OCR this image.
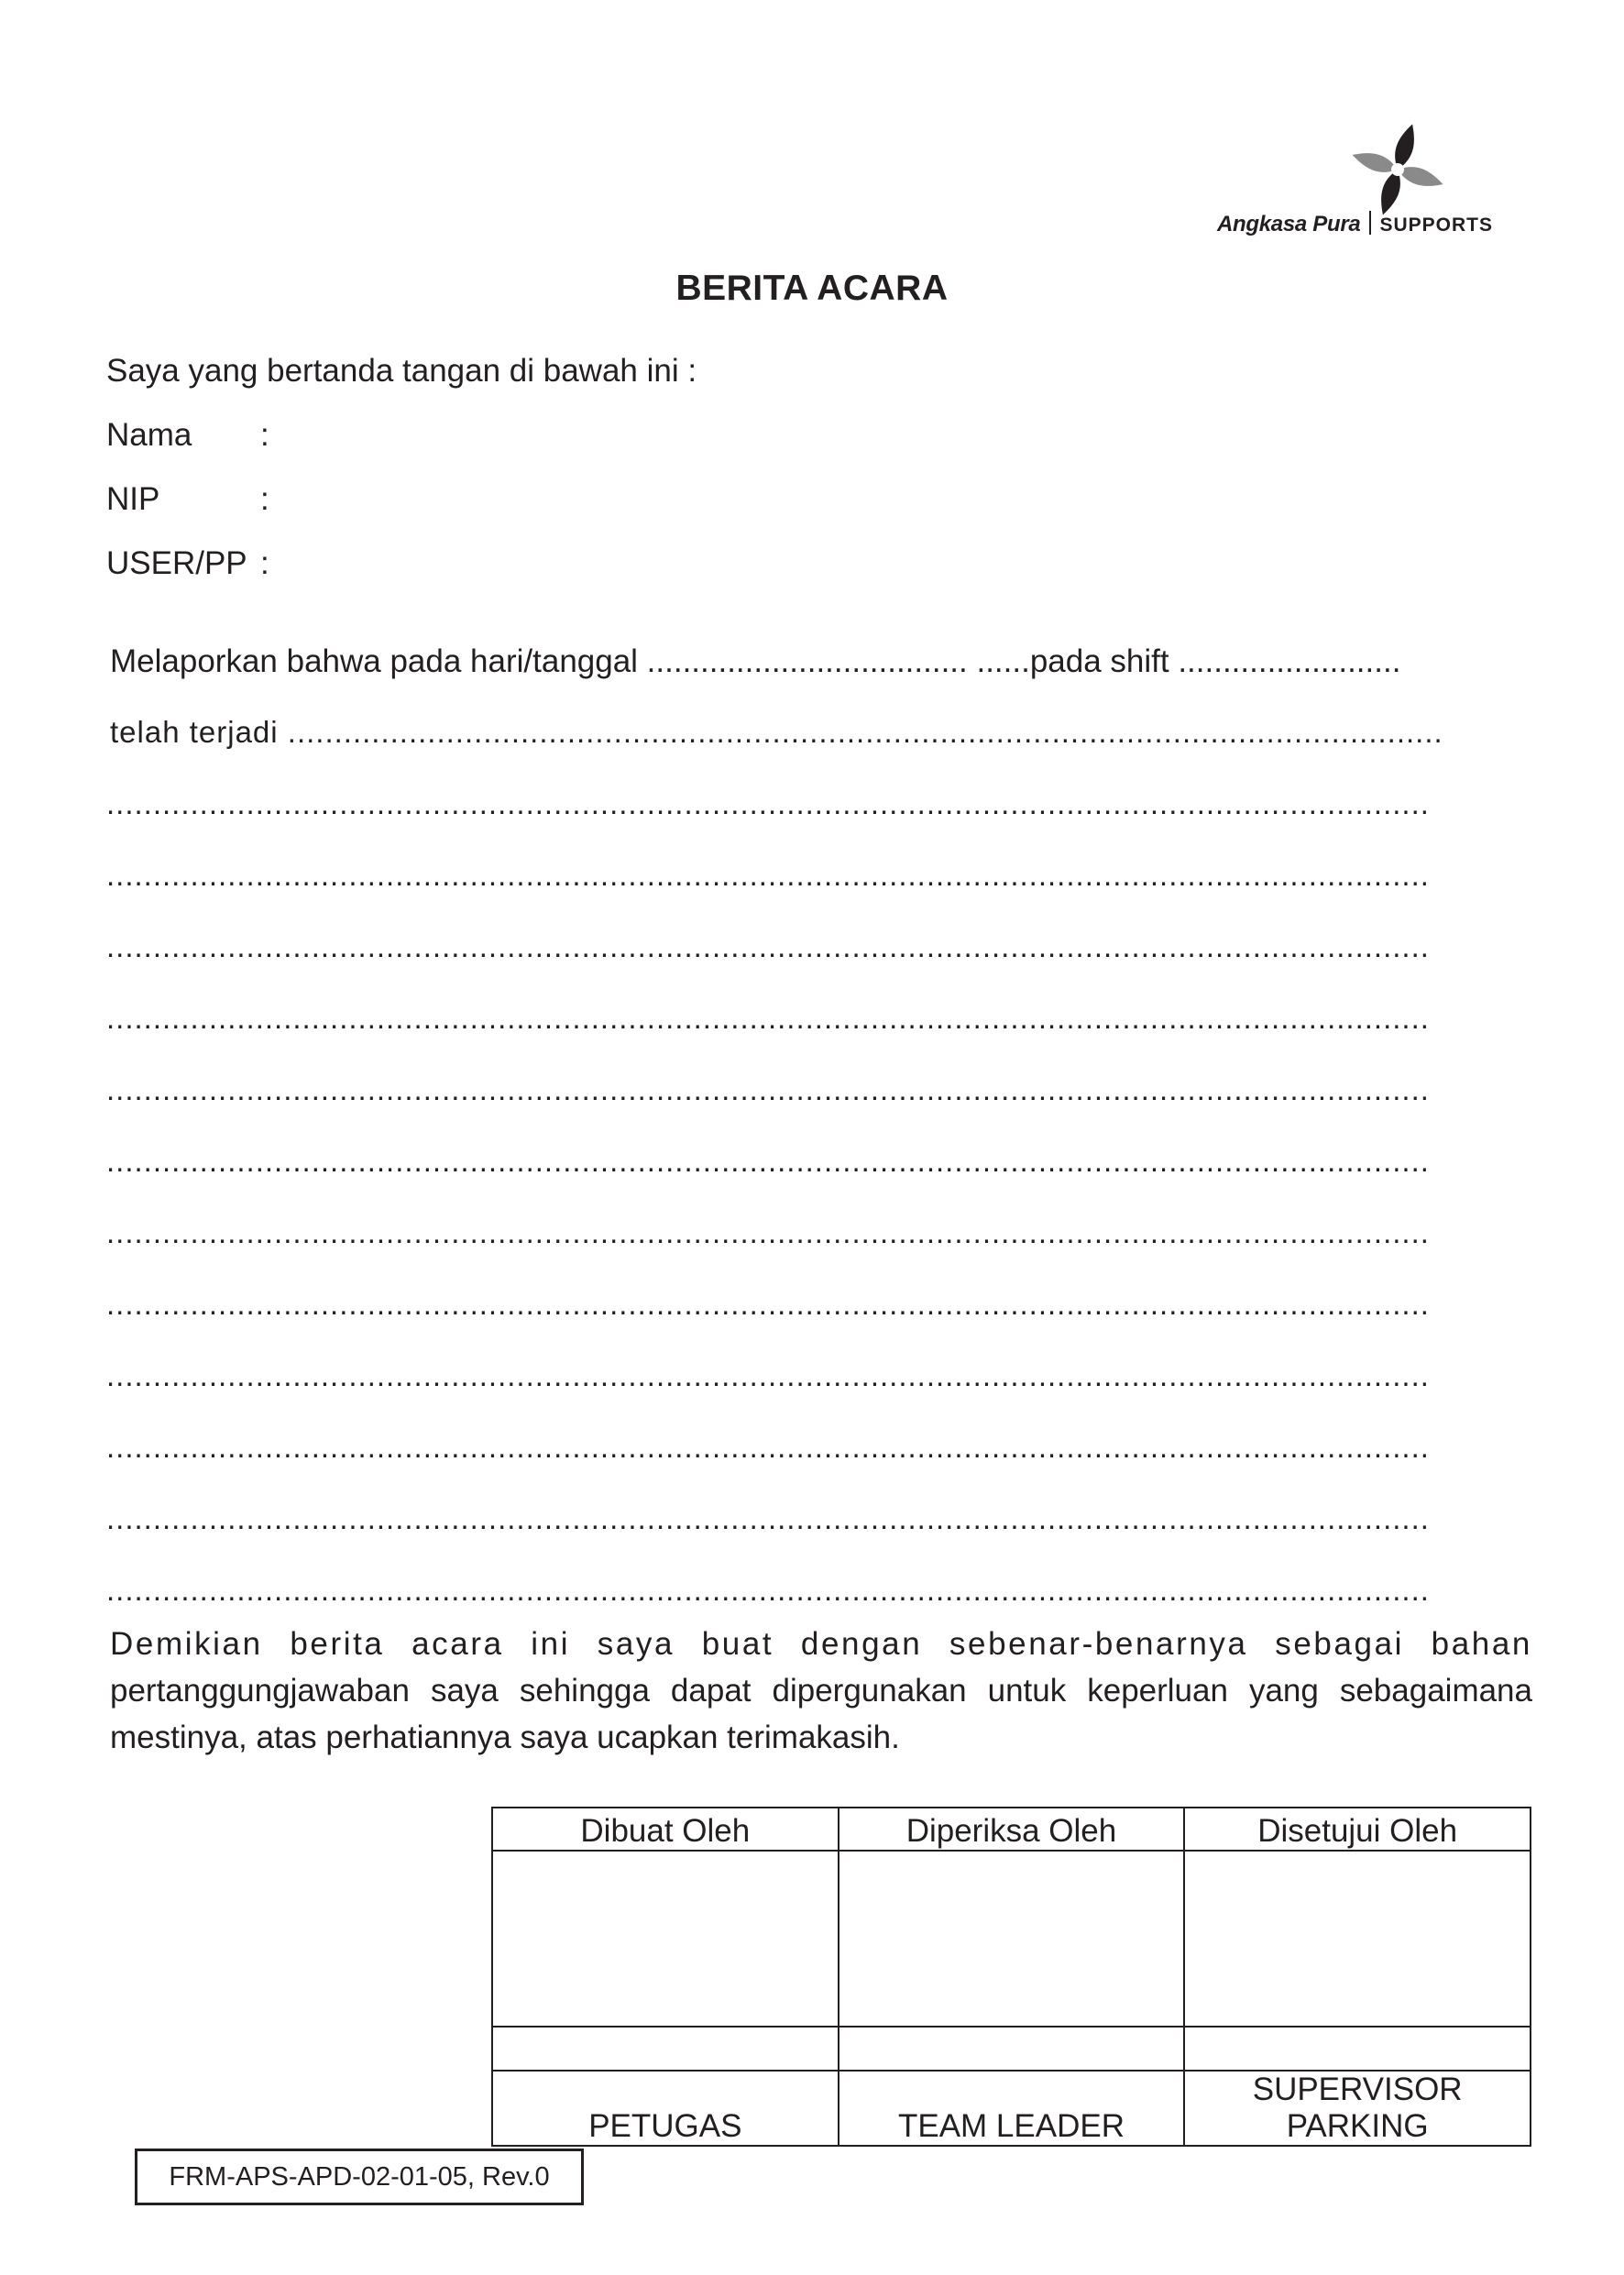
Angkasa Pura SUPPORTS
BERITA ACARA
Saya yang bertanda tangan di bawah ini :
Nama :
NIP	:
USER/PP :
Melaporkan bahwa pada hari/tanggal .................................... ......pada shift .........................
telah terjadi ............................................................................................................................
..............................................................................................................................................
..............................................................................................................................................
..............................................................................................................................................
..............................................................................................................................................
..............................................................................................................................................
..............................................................................................................................................
..............................................................................................................................................
..............................................................................................................................................
..............................................................................................................................................
..............................................................................................................................................
..............................................................................................................................................
..............................................................................................................................................
Demikian berita acara ini saya buat dengan sebenar-benarnya sebagai bahan
pertanggungjawaban saya sehingga dapat dipergunakan untuk keperluan yang sebagaimana mestinya, atas perhatiannya saya ucapkan terimakasih.
Dibuat Oleh	Diperiksa Oleh	Disetujui Oleh

PETUGAS	TEAM LEADER	SUPERVISOR PARKING
FRM-APS-APD-02-01-05, Rev.0
